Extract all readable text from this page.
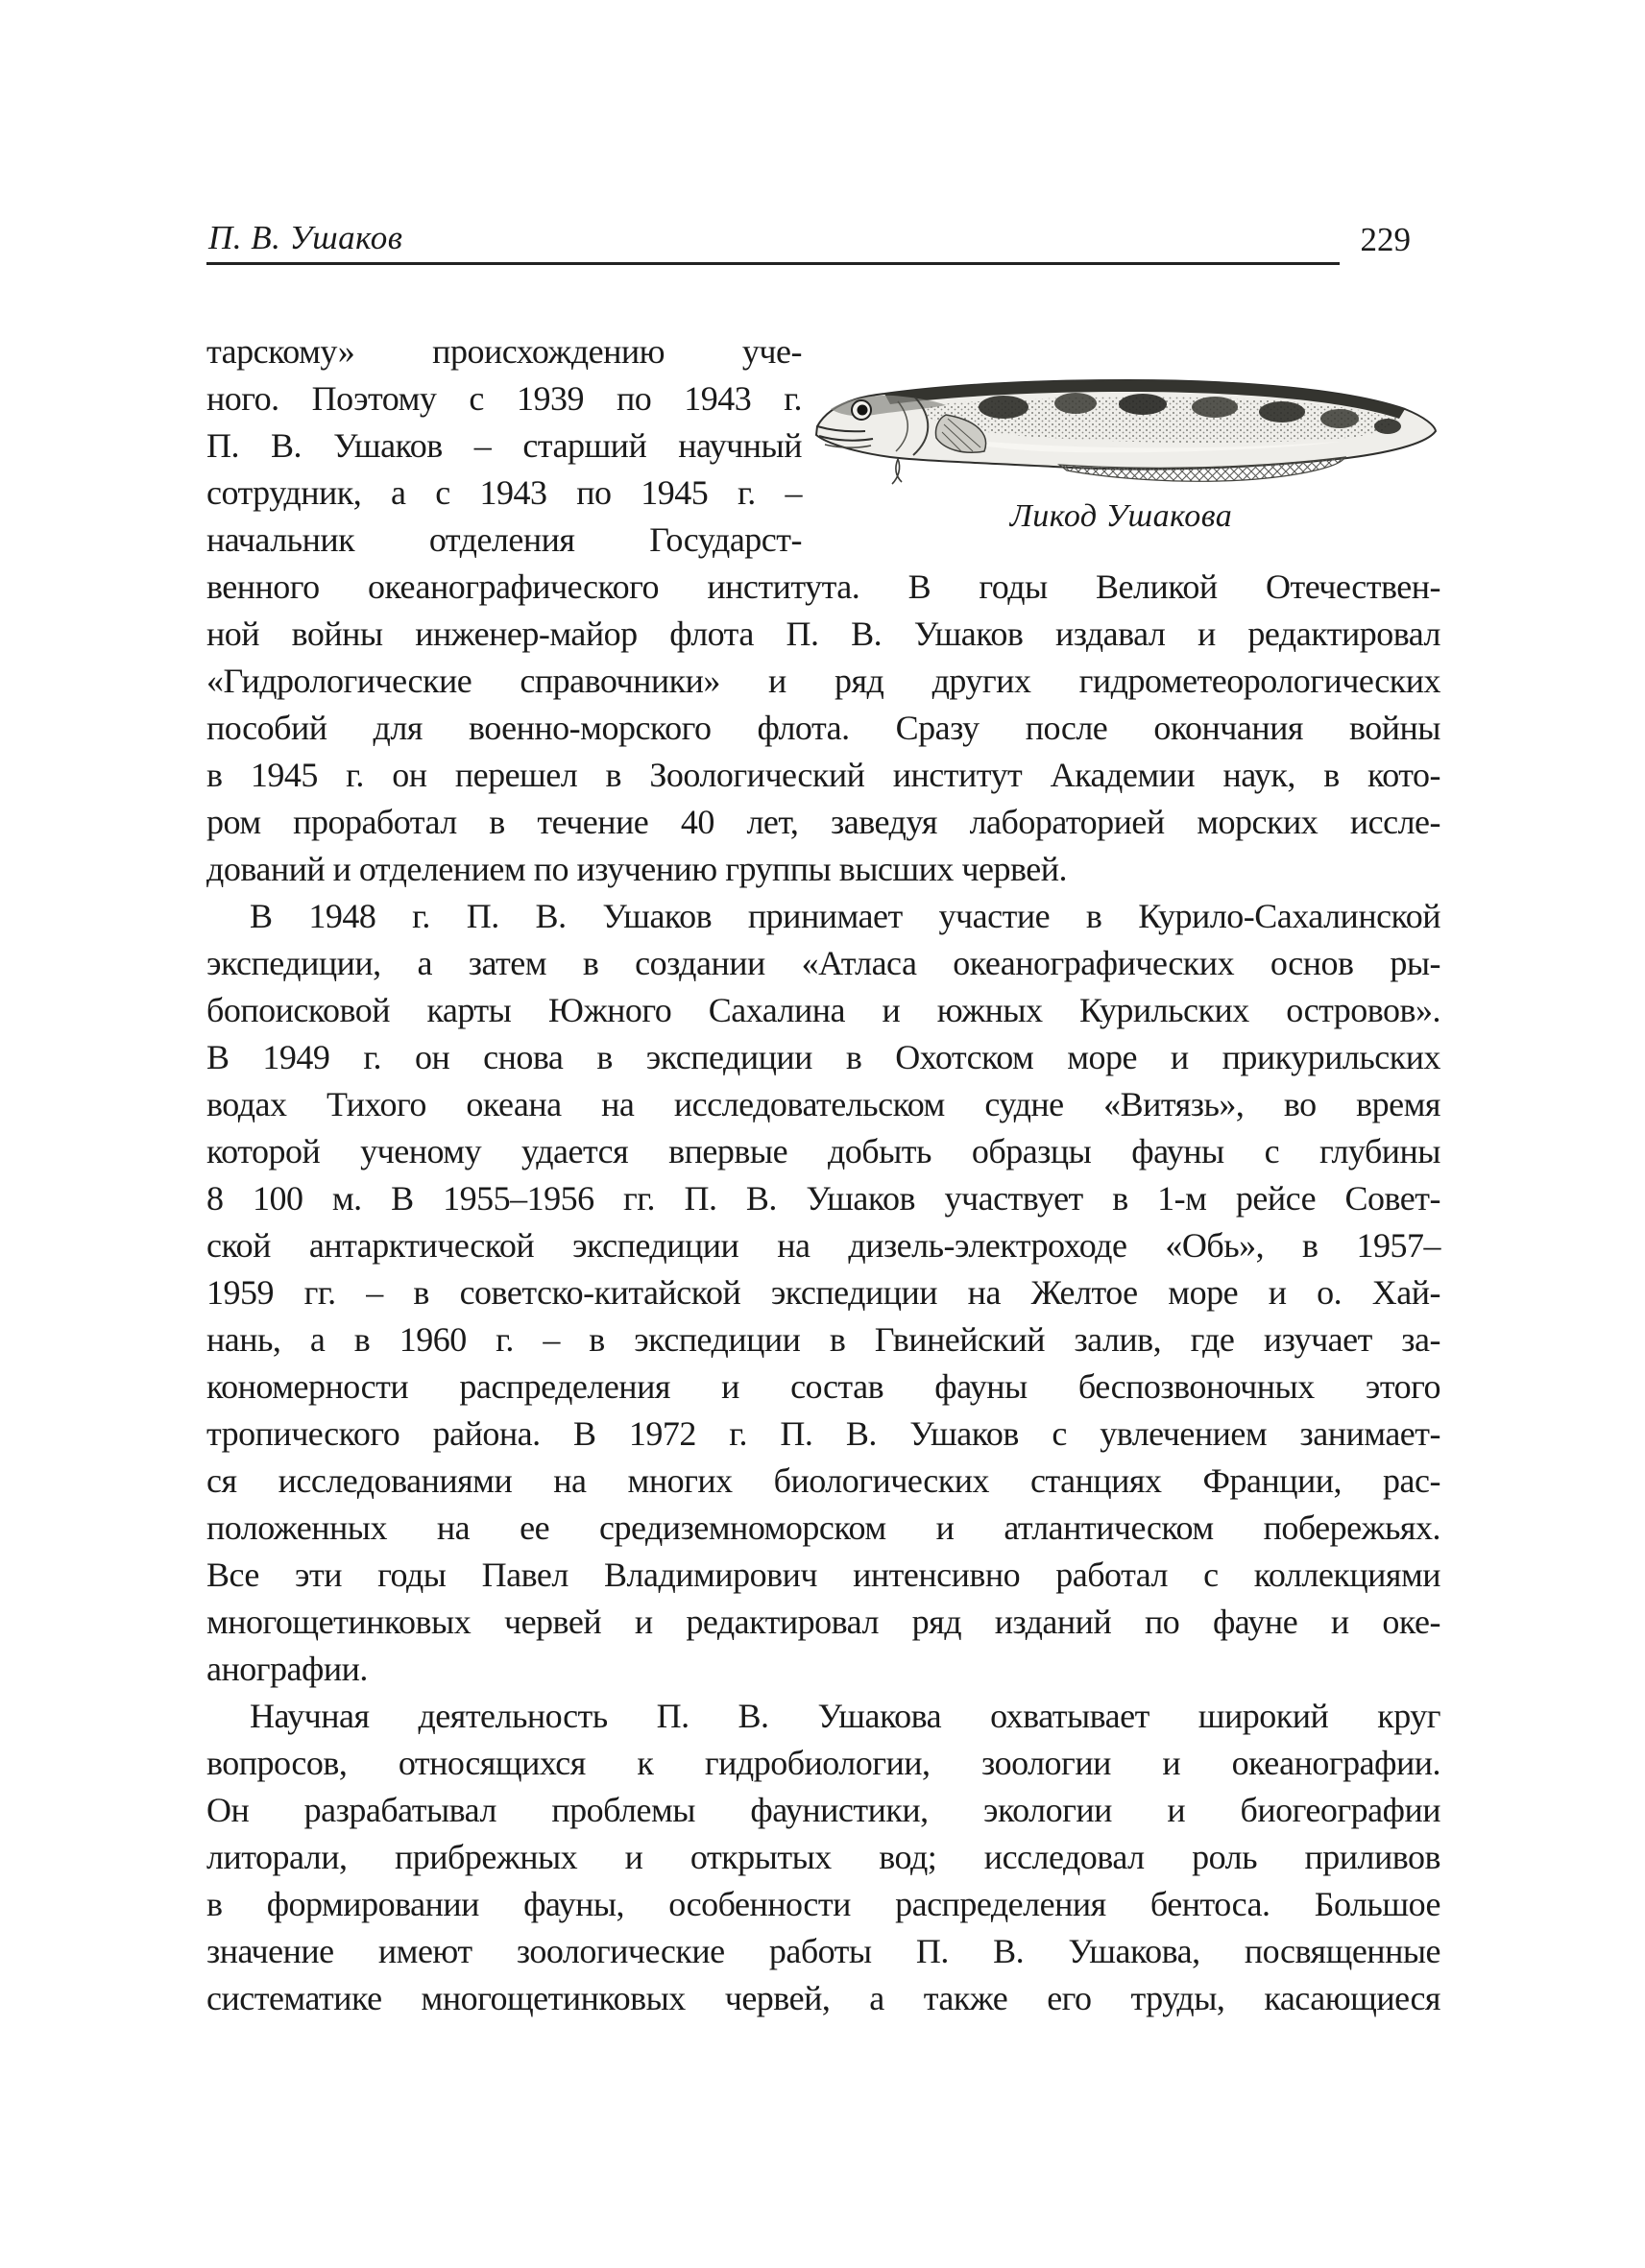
П. В. Ушаков	229
Ликод Ушакова
тарскому» происхождению уче-
ного. Поэтому с 1939 по 1943 г.
П. В. Ушаков – старший научный
сотрудник, а с 1943 по 1945 г. –
начальник отделения Государст-
венного океанографического института. В годы Великой Отечествен-
ной войны инженер-майор флота П. В. Ушаков издавал и редактировал
«Гидрологические справочники» и ряд других гидрометеорологических
пособий для военно-морского флота. Сразу после окончания войны
в 1945 г. он перешел в Зоологический институт Академии наук, в кото-
ром проработал в течение 40 лет, заведуя лабораторией морских иссле-
дований и отделением по изучению группы высших червей.
В 1948 г. П. В. Ушаков принимает участие в Курило-Сахалинской
экспедиции, а затем в создании «Атласа океанографических основ ры-
бопоисковой карты Южного Сахалина и южных Курильских островов».
В 1949 г. он снова в экспедиции в Охотском море и прикурильских
водах Тихого океана на исследовательском судне «Витязь», во время
которой ученому удается впервые добыть образцы фауны с глубины
8 100 м. В 1955–1956 гг. П. В. Ушаков участвует в 1-м рейсе Совет-
ской антарктической экспедиции на дизель-электроходе «Обь», в 1957–
1959 гг. – в советско-китайской экспедиции на Желтое море и о. Хай-
нань, а в 1960 г. – в экспедиции в Гвинейский залив, где изучает за-
кономерности распределения и состав фауны беспозвоночных этого
тропического района. В 1972 г. П. В. Ушаков с увлечением занимает-
ся исследованиями на многих биологических станциях Франции, рас-
положенных на ее средиземноморском и атлантическом побережьях.
Все эти годы Павел Владимирович интенсивно работал с коллекциями
многощетинковых червей и редактировал ряд изданий по фауне и оке-
анографии.
Научная деятельность П. В. Ушакова охватывает широкий круг
вопросов, относящихся к гидробиологии, зоологии и океанографии.
Он разрабатывал проблемы фаунистики, экологии и биогеографии
литорали, прибрежных и открытых вод; исследовал роль приливов
в формировании фауны, особенности распределения бентоса. Большое
значение имеют зоологические работы П. В. Ушакова, посвященные
систематике многощетинковых червей, а также его труды, касающиеся
